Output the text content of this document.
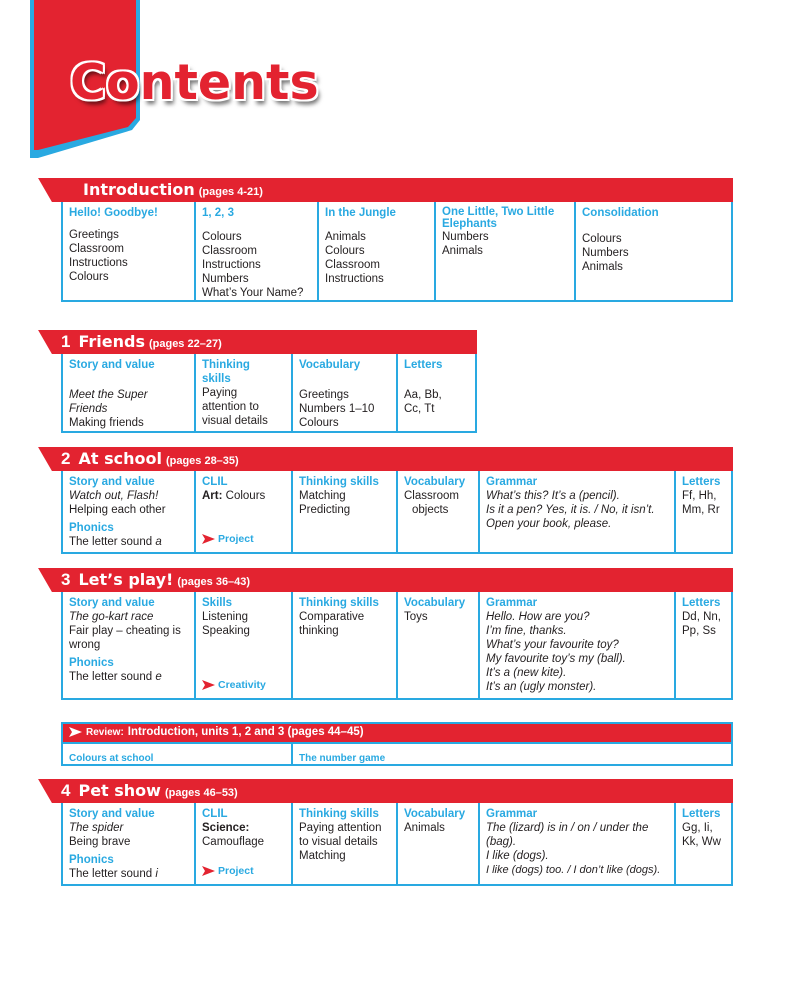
Contents
Introduction (pages 4-21)
Hello! Goodbye!
Greetings
Classroom
Instructions
Colours
1, 2, 3
Colours
Classroom
Instructions
Numbers
What’s Your Name?
In the Jungle
Animals
Colours
Classroom
Instructions
One Little, Two Little Elephants
Numbers
Animals
Consolidation
Colours
Numbers
Animals
1 Friends (pages 22–27)
Story and value
Meet the Super Friends
Making friends
Thinking skills
Paying attention to visual details
Vocabulary
Greetings
Numbers 1–10
Colours
Letters
Aa, Bb, Cc, Tt
2 At school (pages 28–35)
Story and value
Watch out, Flash!
Helping each other
Phonics
The letter sound a
CLIL
Art: Colours
Project
Thinking skills
Matching
Predicting
Vocabulary
Classroom
objects
Grammar
What’s this? It’s a (pencil).
Is it a pen? Yes, it is. / No, it isn’t.
Open your book, please.
Letters
Ff, Hh, Mm, Rr
3 Let’s play! (pages 36–43)
Story and value
The go-kart race
Fair play – cheating is wrong
Phonics
The letter sound e
Skills
Listening
Speaking
Creativity
Thinking skills
Comparative thinking
Vocabulary
Toys
Grammar
Hello. How are you?
I’m fine, thanks.
What’s your favourite toy?
My favourite toy’s my (ball).
It’s a (new kite).
It’s an (ugly monster).
Letters
Dd, Nn, Pp, Ss
Review: Introduction, units 1, 2 and 3 (pages 44–45)
Colours at school	The number game
4 Pet show (pages 46–53)
Story and value
The spider
Being brave
Phonics
The letter sound i
CLIL
Science:
Camouflage
Project
Thinking skills
Paying attention
to visual details
Matching
Vocabulary
Animals
Grammar
The (lizard) is in / on / under the (bag).
I like (dogs).
I like (dogs) too. / I don’t like (dogs).
Letters
Gg, Ii, Kk, Ww
